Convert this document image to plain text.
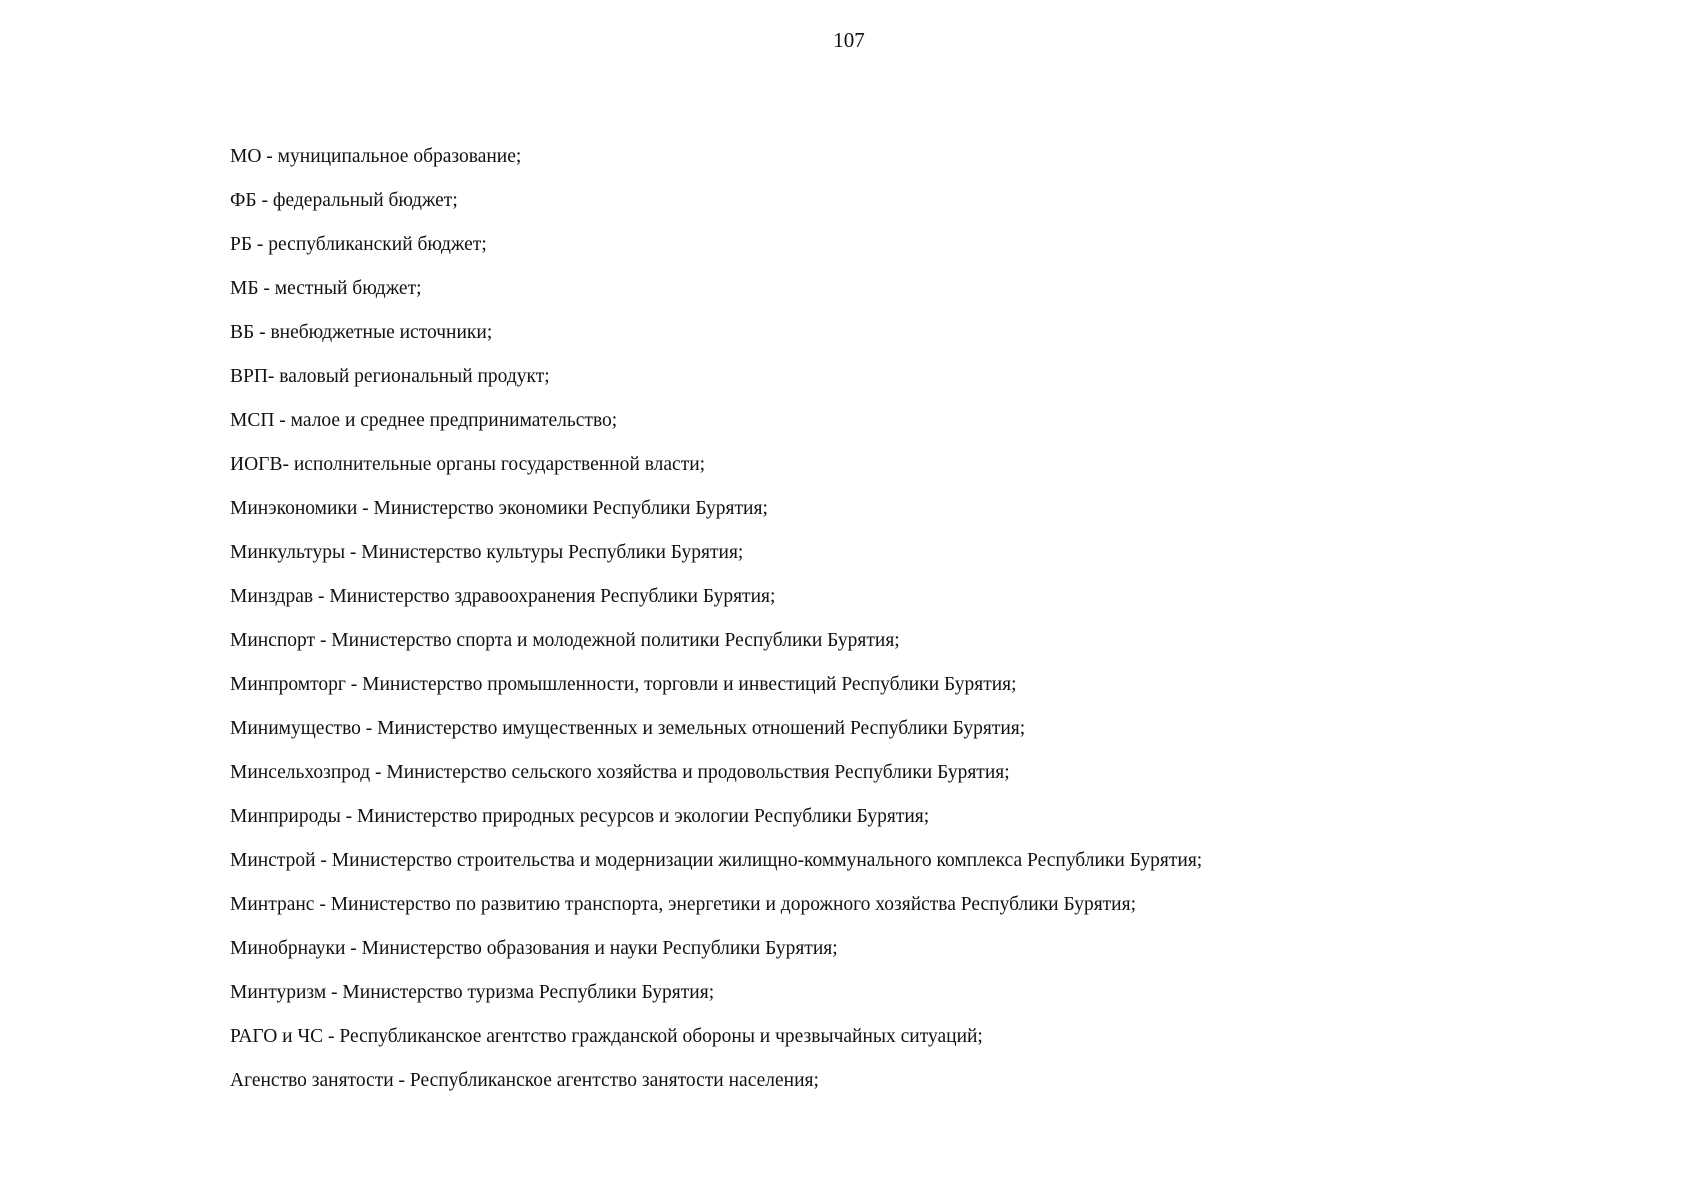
107
МО - муниципальное образование;
ФБ - федеральный бюджет;
РБ - республиканский бюджет;
МБ - местный бюджет;
ВБ - внебюджетные источники;
ВРП- валовый региональный продукт;
МСП - малое и среднее предпринимательство;
ИОГВ- исполнительные органы государственной власти;
Минэкономики - Министерство экономики Республики Бурятия;
Минкультуры - Министерство культуры Республики Бурятия;
Минздрав - Министерство здравоохранения Республики Бурятия;
Минспорт - Министерство спорта и молодежной политики Республики Бурятия;
Минпромторг - Министерство промышленности, торговли и инвестиций Республики Бурятия;
Минимущество - Министерство имущественных и земельных отношений Республики Бурятия;
Минсельхозпрод - Министерство сельского хозяйства и продовольствия Республики Бурятия;
Минприроды - Министерство природных ресурсов и экологии Республики Бурятия;
Минстрой - Министерство строительства и модернизации жилищно-коммунального комплекса Республики Бурятия;
Минтранс - Министерство по развитию транспорта, энергетики и дорожного хозяйства Республики Бурятия;
Минобрнауки - Министерство образования и науки Республики Бурятия;
Минтуризм - Министерство туризма Республики Бурятия;
РАГО и ЧС - Республиканское агентство гражданской обороны и чрезвычайных ситуаций;
Агенство занятости - Республиканское агентство занятости населения;
